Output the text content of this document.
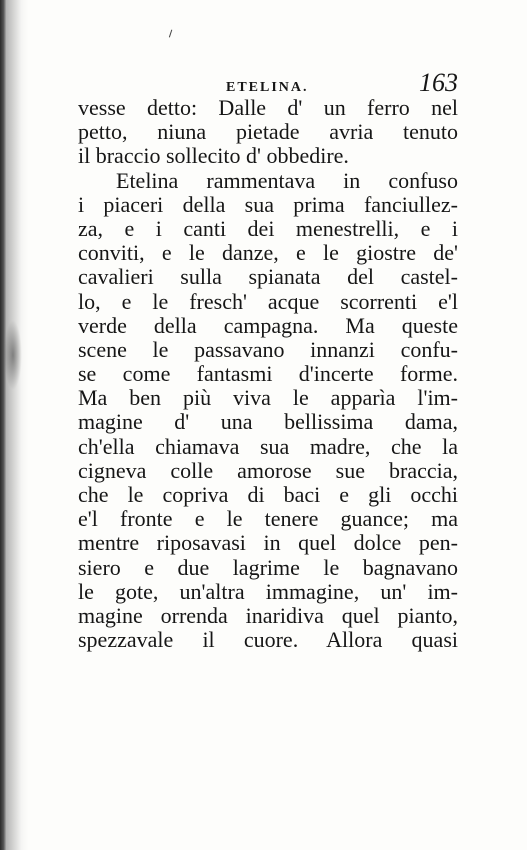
ETELINA.	163
vesse detto: Dalle d' un ferro nel
petto, niuna pietade avria tenuto
il braccio sollecito d' obbedire.
Etelina rammentava in confuso
i piaceri della sua prima fanciullez-
za, e i canti dei menestrelli, e i
conviti, e le danze, e le giostre de'
cavalieri sulla spianata del castel-
lo, e le fresch' acque scorrenti e'l
verde della campagna. Ma queste
scene le passavano innanzi confu-
se come fantasmi d'incerte forme.
Ma ben più viva le apparìa l'im-
magine d' una bellissima dama,
ch'ella chiamava sua madre, che la
cigneva colle amorose sue braccia,
che le copriva di baci e gli occhi
e'l fronte e le tenere guance; ma
mentre riposavasi in quel dolce pen-
siero e due lagrime le bagnavano
le gote, un'altra immagine, un' im-
magine orrenda inaridiva quel pianto,
spezzavale il cuore. Allora quasi
